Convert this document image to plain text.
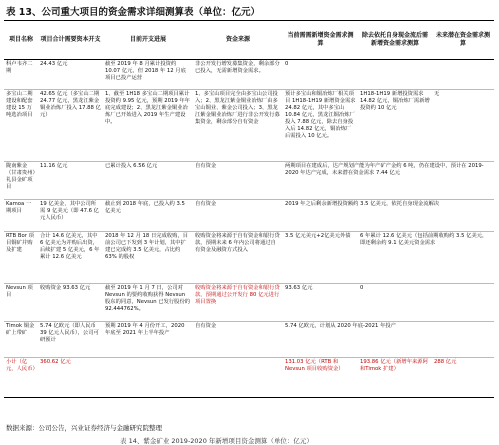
表 13、公司重大项目的资金需求详细测算表（单位：亿元）
项目名称	项目合计需要资本开支	目前开支进展	资金来源	当前需需新增资金需求测算	除去依托自身现金流后需新增资金需求测算	未来潜在资金需求测算
科卢韦齐二期	24.43 亿元	截至 2019 年 8 月累计投资约 10.07 亿元，但 2018 年 12 月底项目已投产运营	非公开发行增发募集资金，剩余部分已投入，无需新增资金需求。	0		
多宝山二期建设和配套建设 15 万吨选冶项目	42.65 亿元（多宝山二期 24.77 亿元，黑龙江紫金铜业冶炼厂投入 17.88 亿元）	1、截至 1H18 多宝山二期项目累计投资约 9.95 亿元，预期 2019 年年底完成建设；2、黑龙江紫金铜业冶炼厂已开始进入 2019 年生产建设中。	1、多宝山项目完全由多宝山公司投入；2、黑龙江紫金铜业冶炼厂由多宝山铜业、紫金公司投入；3、黑龙江紫金铜业冶炼厂进行非公开发行募集资金，剩余部分自有资金	预计多宝山和铜冶炼厂相关项目 1H18-1H19 新增资金需求 24.82 亿元，其中多宝山 10.84 亿元，黑龙江铜冶炼厂投入 7.88 亿元，除去自身投入后 14.82 亿元，铜冶炼厂后需投入 10 亿元。	1H18-1H19 新增投资需求 14.82 亿元，铜冶炼厂需新增投资约 10 亿元	无
陇南紫金（甘肃贵州）礼县金矿项目	11.16 亿元	已累计投入 6.56 亿元	自有资金	两期项目在建成后，达产规划产能为年产矿产金约 6 吨，仍在建设中，预计在 2019-2020 年达产完成，未来潜在资金需求 7.44 亿元		
Kamoa 一期项目	19 亿美金，其中公司所需 9 亿美元（即 47.6 亿元人民币）	截止到 2018 年底，已投入约 3.5 亿美元	自有资金	2019 年之后剩余新增投资额约 3.5 亿美元，依托自身现金流解决		
RTB Bor 项目铜矿并购及扩建	合计 14.6 亿美元，其中 6 亿美元为并购后出资，后续扩建 5 亿美元，6 年累计 12.6 亿美元	2018 年 12 月 18 日完成收购，目前公司已下发到 3 年计划，其中扩建已完成约 3.5 亿美元，占比约 63% 的股权	收购资金将来源于自有资金和银行贷款，预期未来 6 年内公司将通过自有资金及融资方式投入	3.5 亿元美元+2亿美元外债	6 年累计 12.6 亿美元（包括前期收购约 3.5 亿美元，即还剩余约 9.1 亿美元资金需求	
Nevsun 项目	收购资金 93.63 亿元	截至 2019 年 1 月 7 日，公司对 Nevsun 的要约收购获得 Nevsun 股东的同意，Nevsun 已发行股份的 92.444762%。	收购资金将来源于自有资金和银行贷款，预期通过公开发行 80 亿元进行项目置换	93.63 亿元	0	
Timok 铜金矿上带矿	5.74 亿欧元（即人民币 39 亿元人民币），公司可研预计	预期 2019 年 4 月份开工，2020 年底至 2021 年上半年投产	自有资金	5.74 亿欧元，计划从 2020 年底-2021 年投产		
小计（亿元，人民币）	360.62 亿元			131.03 亿元（RTB 和 Nevsun 项目收购资金）	193.86 亿元（新增年来源阿和Timok 扩建）	288 亿元
数据来源：公司公告，兴业证券经济与金融研究院整理
表 14、紫金矿业 2019-2020 年新增项目资金测算（单位：亿元）
